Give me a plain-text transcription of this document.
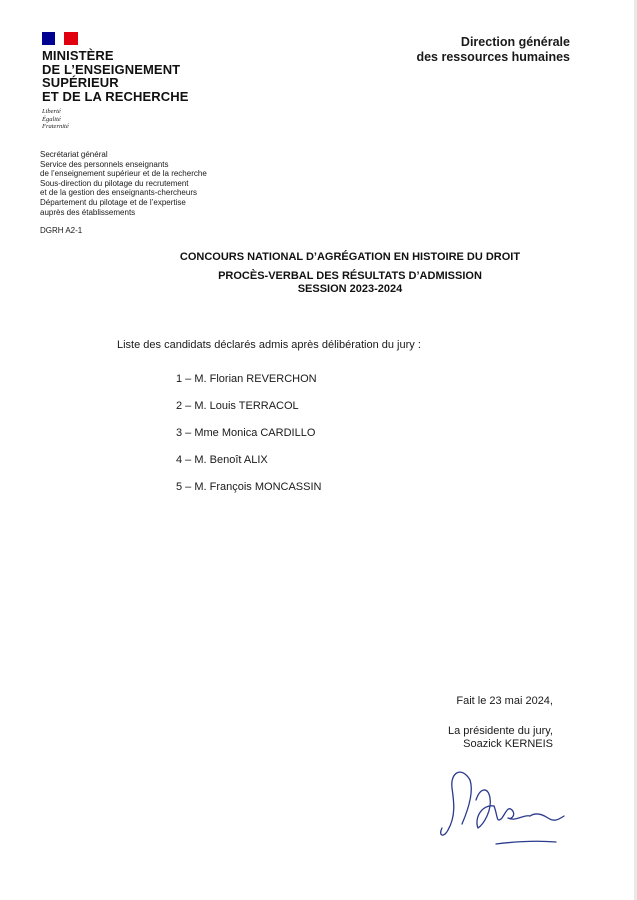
MINISTÈRE
DE L’ENSEIGNEMENT
SUPÉRIEUR
ET DE LA RECHERCHE
Liberté
Égalité
Fraternité
Direction générale
des ressources humaines
Secrétariat général
Service des personnels enseignants
de l’enseignement supérieur et de la recherche
Sous-direction du pilotage du recrutement
et de la gestion des enseignants-chercheurs
Département du pilotage et de l’expertise
auprès des établissements
DGRH A2-1
CONCOURS NATIONAL D’AGRÉGATION EN HISTOIRE DU DROIT
PROCÈS-VERBAL DES RÉSULTATS D’ADMISSION
SESSION 2023-2024
Liste des candidats déclarés admis après délibération du jury :
1 – M. Florian REVERCHON
2 – M. Louis TERRACOL
3 – Mme Monica CARDILLO
4 – M. Benoît ALIX
5 – M. François MONCASSIN
Fait le 23 mai 2024,
La présidente du jury,
Soazick KERNEIS
